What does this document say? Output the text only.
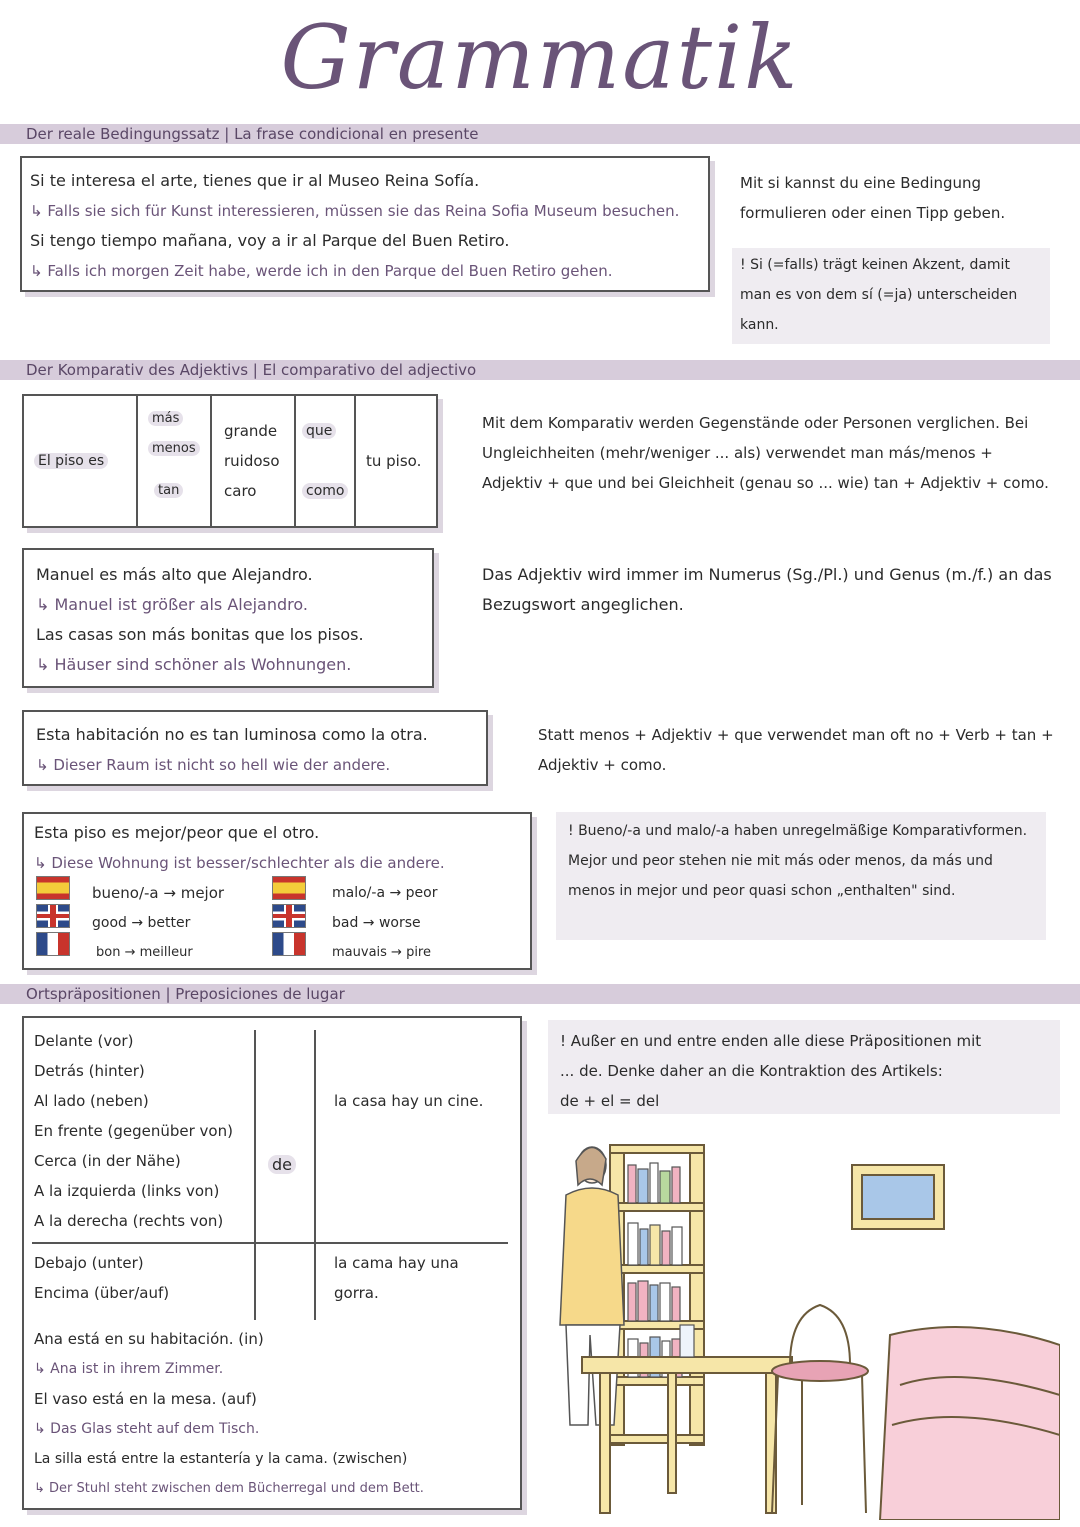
Grammatik
Der reale Bedingungssatz | La frase condicional en presente
Si te interesa el arte, tienes que ir al Museo Reina Sofía.
↳ Falls sie sich für Kunst interessieren, müssen sie das Reina Sofia Museum besuchen.
Si tengo tiempo mañana, voy a ir al Parque del Buen Retiro.
↳ Falls ich morgen Zeit habe, werde ich in den Parque del Buen Retiro gehen.
Mit si kannst du eine Bedingung formulieren oder einen Tipp geben.
! Si (=falls) trägt keinen Akzent, damit man es von dem sí (=ja) unterscheiden kann.
Der Komparativ des Adjektivs | El comparativo del adjectivo
El piso es
más
menos
tan
grande
ruidoso
caro
que
como
tu piso.
Mit dem Komparativ werden Gegenstände oder Personen verglichen. Bei Ungleichheiten (mehr/weniger ... als) verwendet man más/menos + Adjektiv + que und bei Gleichheit (genau so ... wie) tan + Adjektiv + como.
Manuel es más alto que Alejandro.
↳ Manuel ist größer als Alejandro.
Las casas son más bonitas que los pisos.
↳ Häuser sind schöner als Wohnungen.
Das Adjektiv wird immer im Numerus (Sg./Pl.) und Genus (m./f.) an das Bezugswort angeglichen.
Esta habitación no es tan luminosa como la otra.
↳ Dieser Raum ist nicht so hell wie der andere.
Statt menos + Adjektiv + que verwendet man oft no + Verb + tan + Adjektiv + como.
Esta piso es mejor/peor que el otro.
↳ Diese Wohnung ist besser/schlechter als die andere.
bueno/-a → mejor
good → better
bon → meilleur
malo/-a → peor
bad → worse
mauvais → pire
! Bueno/-a und malo/-a haben unregelmäßige Komparativformen. Mejor und peor stehen nie mit más oder menos, da más und menos in mejor und peor quasi schon „enthalten" sind.
Ortspräpositionen | Preposiciones de lugar
Delante (vor)
Detrás (hinter)
Al lado (neben)
En frente (gegenüber von)
Cerca (in der Nähe)
A la izquierda (links von)
A la derecha (rechts von)
de
la casa hay un cine.
Debajo (unter)
Encima (über/auf)
la cama hay una
gorra.
Ana está en su habitación. (in)
↳ Ana ist in ihrem Zimmer.
El vaso está en la mesa. (auf)
↳ Das Glas steht auf dem Tisch.
La silla está entre la estantería y la cama. (zwischen)
↳ Der Stuhl steht zwischen dem Bücherregal und dem Bett.
! Außer en und entre enden alle diese Präpositionen mit
... de. Denke daher an die Kontraktion des Artikels:
de + el = del
